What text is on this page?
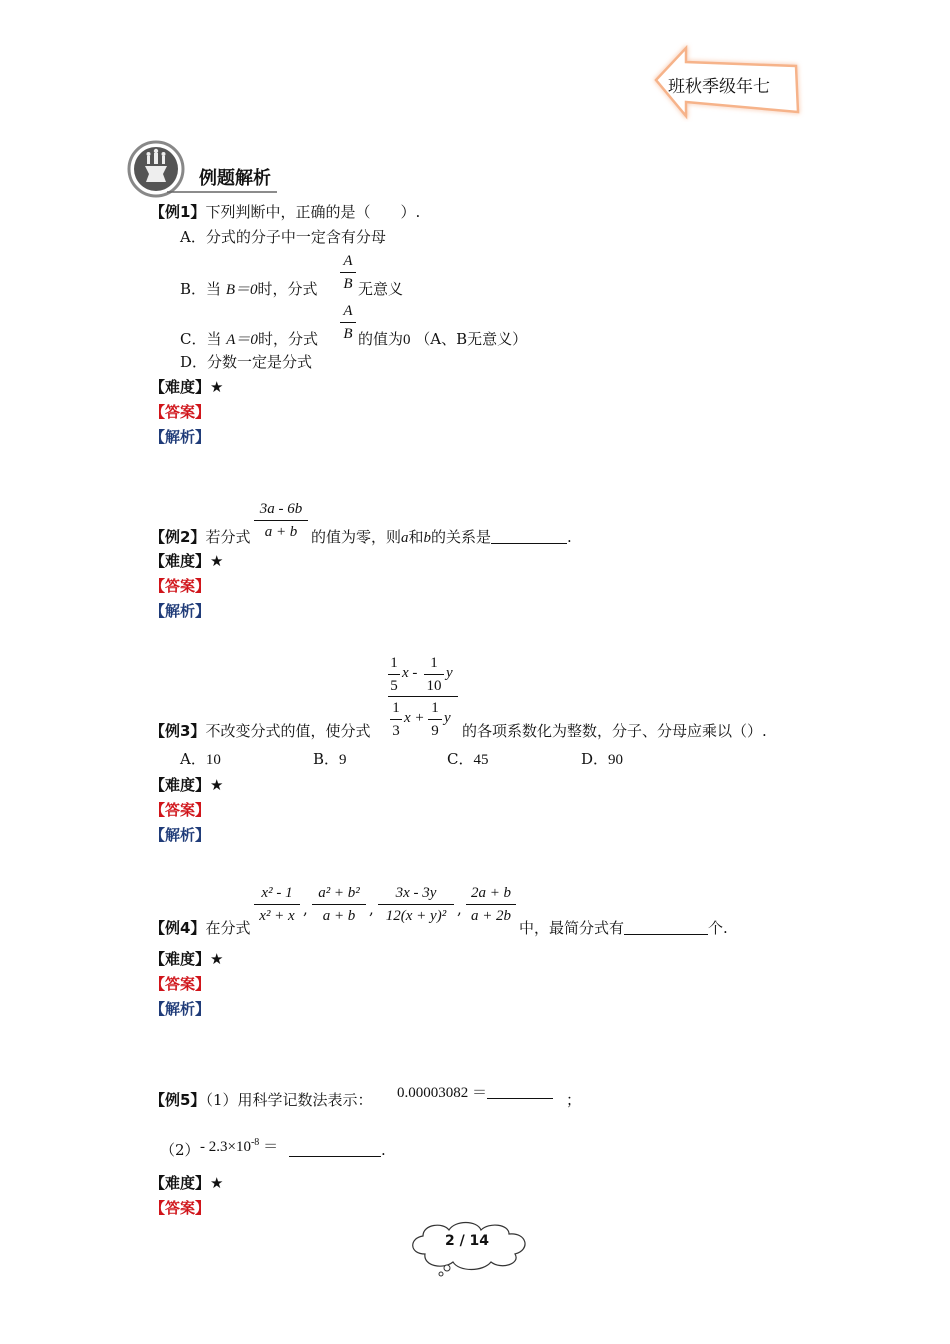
班秋季级年七
例题解析
【例1】下列判断中，正确的是（　　）.
A．分式的分子中一定含有分母
B．当 B＝0时，分式
A
B 无意义
C．当 A＝0时，分式
A
B 的值为0 （A、B无意义）
D．分数一定是分式
【难度】★
【答案】
【解析】
3a - 6b
a + b
【例2】若分式	的值为零，则a和b的关系是	.
【难度】★
【答案】
【解析】
1
5
x -
1
10
y
1
3
x +
1
9
y
【例3】不改变分式的值，使分式	的各项系数化为整数，分子、分母应乘以（）.
A．10	B．9	C．45	D．90
【难度】★
【答案】
【解析】
x² - 1
x² + x ,
a² + b²
a + b ,
3x - 3y
12(x + y)² ,
2a + b
a + 2b
【例4】在分式	中，最简分式有	个.
【难度】★
【答案】
【解析】
【例5】（1）用科学记数法表示： 0.00003082 ＝	；
$(2) - 2.3\times 10^{-8}$ ＝	.
【难度】★
【答案】
2 / 14
